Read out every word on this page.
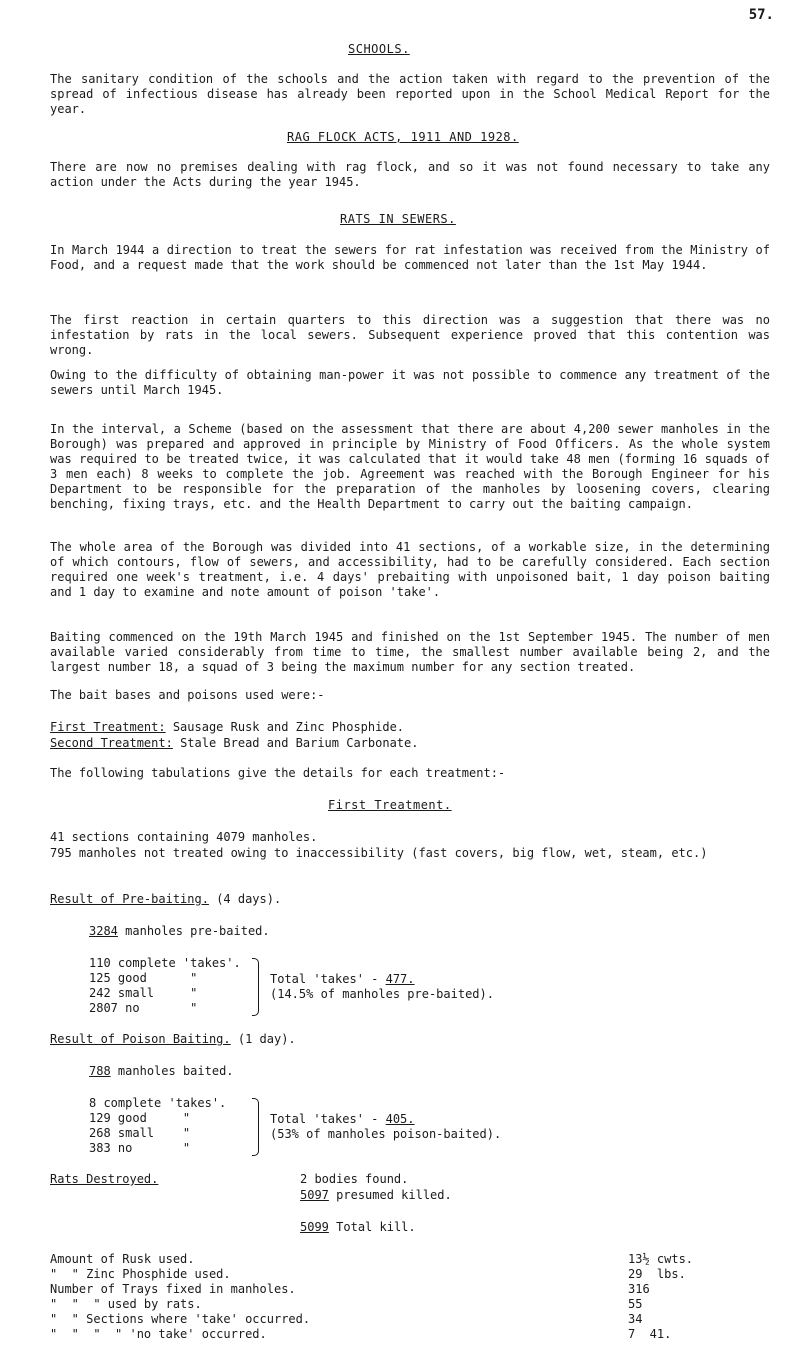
57.
SCHOOLS.
The sanitary condition of the schools and the action taken with regard to the prevention of the spread of infectious disease has already been reported upon in the School Medical Report for the year.
RAG FLOCK ACTS, 1911 AND 1928.
There are now no premises dealing with rag flock, and so it was not found necessary to take any action under the Acts during the year 1945.
RATS IN SEWERS.
In March 1944 a direction to treat the sewers for rat infestation was received from the Ministry of Food, and a request made that the work should be commenced not later than the 1st May 1944.
The first reaction in certain quarters to this direction was a suggestion that there was no infestation by rats in the local sewers. Subsequent experience proved that this contention was wrong.
Owing to the difficulty of obtaining man-power it was not possible to commence any treatment of the sewers until March 1945.
In the interval, a Scheme (based on the assessment that there are about 4,200 sewer manholes in the Borough) was prepared and approved in principle by Ministry of Food Officers. As the whole system was required to be treated twice, it was calculated that it would take 48 men (forming 16 squads of 3 men each) 8 weeks to complete the job. Agreement was reached with the Borough Engineer for his Department to be responsible for the preparation of the manholes by loosening covers, clearing benching, fixing trays, etc. and the Health Department to carry out the baiting campaign.
The whole area of the Borough was divided into 41 sections, of a workable size, in the determining of which contours, flow of sewers, and accessibility, had to be carefully considered. Each section required one week's treatment, i.e. 4 days' prebaiting with unpoisoned bait, 1 day poison baiting and 1 day to examine and note amount of poison 'take'.
Baiting commenced on the 19th March 1945 and finished on the 1st September 1945. The number of men available varied considerably from time to time, the smallest number available being 2, and the largest number 18, a squad of 3 being the maximum number for any section treated.
The bait bases and poisons used were:-
First Treatment: Sausage Rusk and Zinc Phosphide.
Second Treatment: Stale Bread and Barium Carbonate.
The following tabulations give the details for each treatment:-
First Treatment.
41 sections containing 4079 manholes.
795 manholes not treated owing to inaccessibility (fast covers, big flow, wet, steam, etc.)
Result of Pre-baiting. (4 days).
3284 manholes pre-baited.
110 complete 'takes'.
125 good      "
242 small     "
2807 no       "
Total 'takes' - 477.
(14.5% of manholes pre-baited).
Result of Poison Baiting. (1 day).
788 manholes baited.
8 complete 'takes'.
129 good     "
268 small    "
383 no       "
Total 'takes' - 405.
(53% of manholes poison-baited).
Rats Destroyed.	2 bodies found.
5097 presumed killed.
5099 Total kill.
Amount of Rusk used.	13½ cwts.
"  " Zinc Phosphide used.	29  lbs.
Number of Trays fixed in manholes.	316
"  "  " used by rats.	55
"  " Sections where 'take' occurred.	34
"  "  "  " 'no take' occurred.	7  41.
